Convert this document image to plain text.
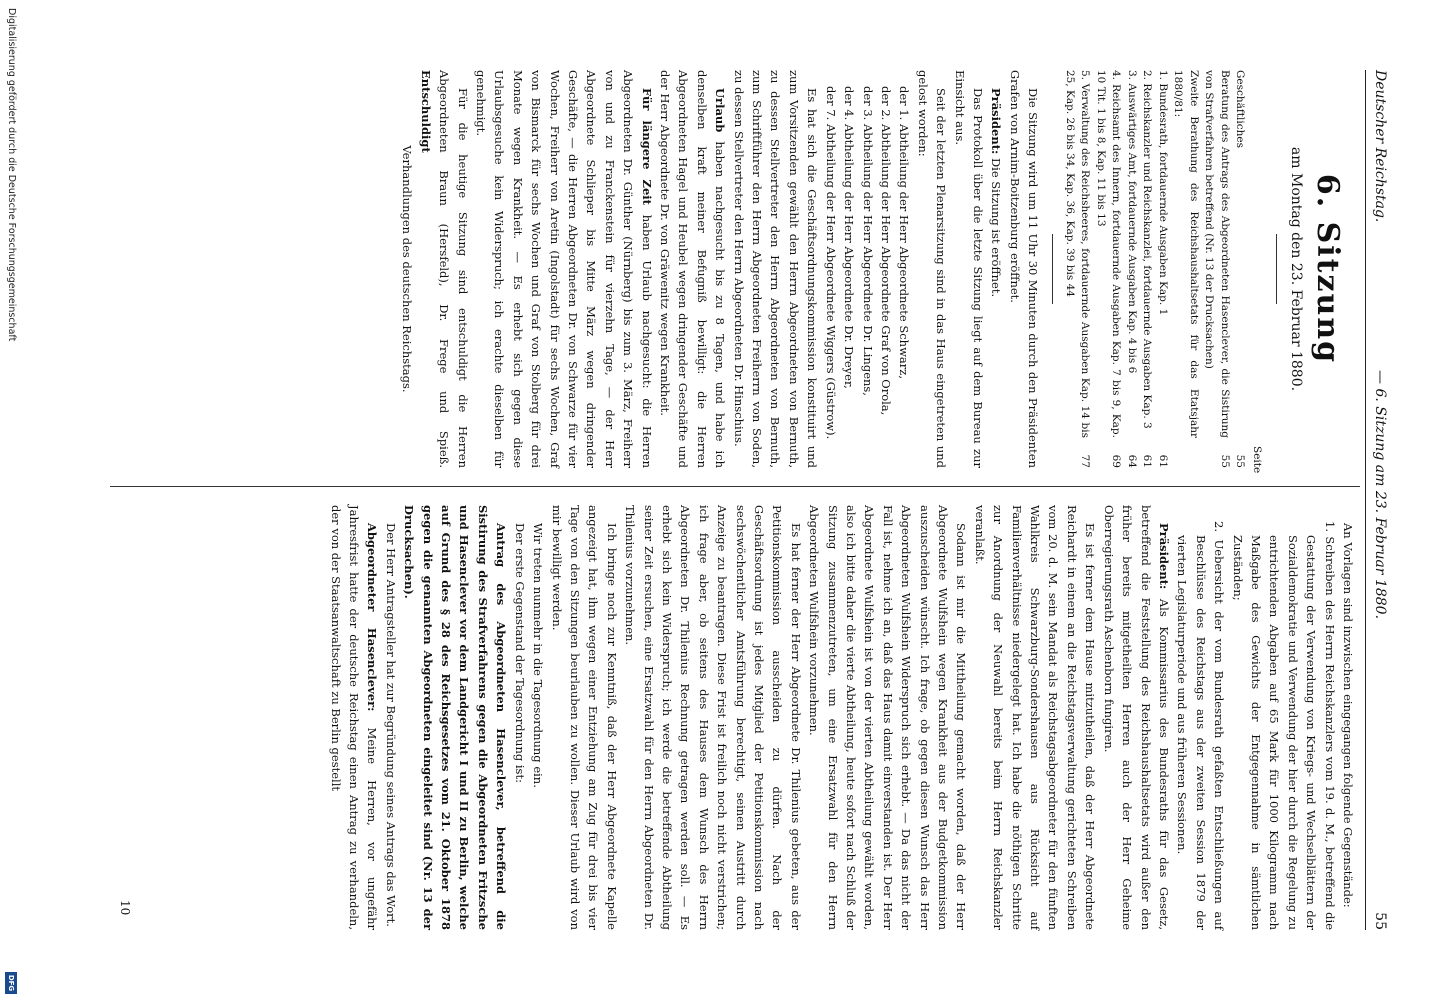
Deutscher Reichstag.
— 6. Sitzung am 23. Februar 1880.
55
6. Sitzung
am Montag den 23. Februar 1880.
Seite
Geschäftliches
55
Beratung des Antrags des Abgeordneten Hasenclever, die Sistirung von Strafverfahren betreffend (Nr. 13 der Drucksachen)
55
Zweite Berathung des Reichshaushaltsetats für das Etatsjahr 1880/81:
1. Bundesrath, fortdauernde Ausgaben Kap. 1
61
2. Reichskanzler und Reichskanzlei, fortdauernde Ausgaben Kap. 3
61
3. Auswärtiges Amt, fortdauernde Ausgaben Kap. 4 bis 6
64
4. Reichsamt des Innern, fortdauernde Ausgaben Kap. 7 bis 9, Kap. 10 Tit. 1 bis 8, Kap. 11 bis 13
69
5. Verwaltung des Reichsheeres, fortdauernde Ausgaben Kap. 14 bis 25, Kap. 26 bis 34, Kap. 36, Kap. 39 bis 44
77

Die Sitzung wird um 11 Uhr 30 Minuten durch den Präsidenten Grafen von Arnim-Boitzenburg eröffnet.

Präsident: Die Sitzung ist eröffnet.

Das Protokoll über die letzte Sitzung liegt auf dem Bureau zur Einsicht aus.

Seit der letzten Plenarsitzung sind in das Haus eingetreten und gelost worden:

der 1. Abtheilung der Herr Abgeordnete Schwarz,
der 2. Abtheilung der Herr Abgeordnete Graf von Orola,
der 3. Abtheilung der Herr Abgeordnete Dr. Lingens,
der 4. Abtheilung der Herr Abgeordnete Dr. Dreyer,
der 7. Abtheilung der Herr Abgeordnete Wiggers (Güstrow).

Es hat sich die Geschäftsordnungskommission konstituirt und zum Vorsitzenden gewählt den Herrn Abgeordneten von Bernuth, zu dessen Stellvertreter den Herrn Abgeordneten von Bernuth, zum Schriftführer den Herrn Abgeordneten Freiherrn von Soden, zu dessen Stellvertreter den Herrn Abgeordneten Dr. Hinschius.

Urlaub haben nachgesucht bis zu 8 Tagen, und habe ich denselben kraft meiner Befugniß bewilligt: die Herren Abgeordneten Hagel und Heubel wegen dringender Geschäfte und der Herr Abgeordnete Dr. von Gräwenitz wegen Krankheit.

Für längere Zeit haben Urlaub nachgesucht: die Herren Abgeordneten Dr. Günther (Nürnberg) bis zum 3. März, Freiherr von und zu Franckenstein für vierzehn Tage, — der Herr Abgeordnete Schlieper bis Mitte März wegen dringender Geschäfte, — die Herren Abgeordneten Dr. von Schwarze für vier Wochen, Freiherr von Aretin (Ingolstadt) für sechs Wochen, Graf von Bismarck für sechs Wochen und Graf von Stolberg für drei Monate wegen Krankheit. — Es erhebt sich gegen diese Urlaubsgesuche kein Widerspruch; ich erachte dieselben für genehmigt.

Für die heutige Sitzung sind entschuldigt die Herren Abgeordneten Braun (Hersfeld), Dr. Frege und Spieß. Entschuldigt

Verhandlungen des deutschen Reichstags.

An Vorlagen sind inzwischen eingegangen folgende Gegenstände:

1. Schreiben des Herrn Reichskanzlers vom 19. d. M., betreffend die Gestattung der Verwendung von Kriegs- und Wechselblättern der Sozialdemokratie und Verwendung der hier durch die Regelung zu entrichtenden Abgaben auf 65 Mark für 1000 Kilogramm nach Maßgabe des Gewichts der Entgegennahme in sämtlichen Zuständen;
2. Uebersicht der vom Bundesrath gefaßten Entschließungen auf Beschlüsse des Reichstags aus der zweiten Session 1879 der vierten Legislaturperiode und aus früheren Sessionen.

Präsident: Als Kommissarius des Bundesraths für das Gesetz, betreffend die Feststellung des Reichshaushaltsetats wird außer den früher bereits mitgetheilten Herren auch der Herr Geheime Oberregierungsrath Aschenborn fungiren.

Es ist ferner dem Hause mitzutheilen, daß der Herr Abgeordnete Reichardt in einem an die Reichstagsverwaltung gerichteten Schreiben vom 20. d. M. sein Mandat als Reichstagsabgeordneter für den fünften Wahlkreis Schwarzburg-Sondershausen aus Rücksicht auf Familienverhältnisse niedergelegt hat. Ich habe die nöthigen Schritte zur Anordnung der Neuwahl bereits beim Herrn Reichskanzler veranlaßt.

Sodann ist mir die Mittheilung gemacht worden, daß der Herr Abgeordnete Wulfshein wegen Krankheit aus der Budgetkommission auszuscheiden wünscht. Ich frage, ob gegen diesen Wunsch das Herr Abgeordneten Wulfshein Widerspruch sich erhebt. — Da das nicht der Fall ist, nehme ich an, daß das Haus damit einverstanden ist. Der Herr Abgeordnete Wulfshein ist von der vierten Abtheilung gewählt worden, also ich bitte daher die vierte Abtheilung, heute sofort nach Schluß der Sitzung zusammenzutreten, um eine Ersatzwahl für den Herrn Abgeordneten Wulfshein vorzunehmen.

Es hat ferner der Herr Abgeordnete Dr. Thilenius gebeten, aus der Petitionskommission ausscheiden zu dürfen. Nach der Geschäftsordnung ist jedes Mitglied der Petitionskommission nach sechswöchentlicher Amtsführung berechtigt, seinen Austritt durch Anzeige zu beantragen. Diese Frist ist freilich noch nicht verstrichen; ich frage aber, ob seitens des Hauses dem Wunsch des Herrn Abgeordneten Dr. Thilenius Rechnung getragen werden soll. — Es erhebt sich kein Widerspruch; ich werde die betreffende Abtheilung seiner Zeit ersuchen, eine Ersatzwahl für den Herrn Abgeordneten Dr. Thilenius vorzunehmen.

Ich bringe noch zur Kenntniß, daß der Herr Abgeordnete Kapelle angezeigt hat, ihm wegen einer Entziehung am Zug für drei bis vier Tage von den Sitzungen beurlauben zu wollen. Dieser Urlaub wird von mir bewilligt werden.

Wir treten nunmehr in die Tagesordnung ein.

Der erste Gegenstand der Tagesordnung ist:

Antrag des Abgeordneten Hasenclever, betreffend die Sistirung des Strafverfahrens gegen die Abgeordneten Fritzsche und Hasenclever vor dem Landgericht I und II zu Berlin, welche auf Grund des § 28 des Reichsgesetzes vom 21. Oktober 1878 gegen die genannten Abgeordneten eingeleitet sind (Nr. 13 der Drucksachen).

Der Herr Antragsteller hat zur Begründung seines Antrags das Wort.

Abgeordneter Hasenclever: Meine Herren, vor ungefähr Jahresfrist hatte der deutsche Reichstag einen Antrag zu verhandeln, der von der Staatsanwaltschaft zu Berlin gestellt

10
Digitalisierung gefördert durch die Deutsche Forschungsgemeinschaft
DFG
